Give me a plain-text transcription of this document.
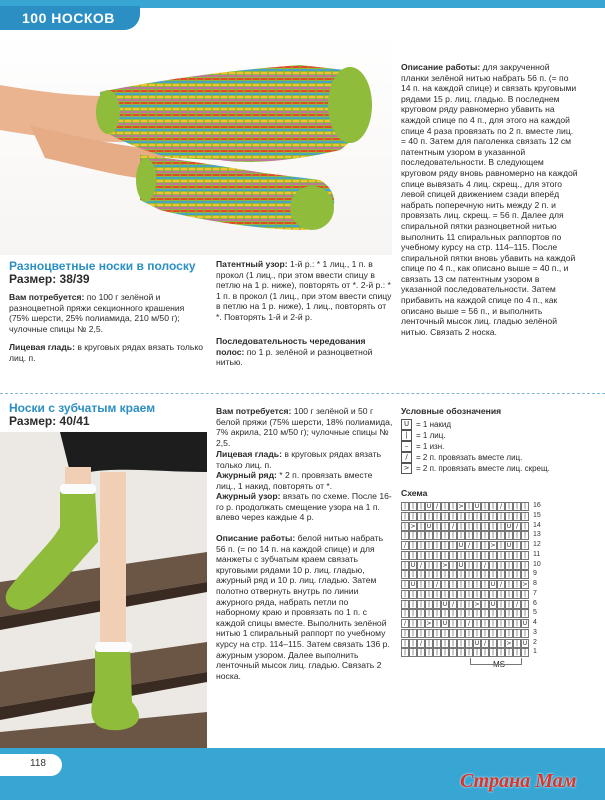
100 НОСКОВ
Разноцветные носки в полоску
Размер: 38/39
Вам потребуется: по 100 г зелёной и разноцветной пряжи секционного крашения (75% шерсти, 25% полиамида, 210 м/50 г); чулочные спицы № 2,5.
Лицевая гладь: в круговых рядах вязать только лиц. п.
Патентный узор: 1-й р.: * 1 лиц., 1 п. в прокол (1 лиц., при этом ввести спицу в петлю на 1 р. ниже), повторять от *. 2-й р.: * 1 п. в прокол (1 лиц., при этом ввести спицу в петлю на 1 р. ниже), 1 лиц., повторять от *. Повторять 1-й и 2-й р.
Последовательность чередования полос: по 1 р. зелёной и разноцветной нитью.
Описание работы: для закрученной планки зелёной нитью набрать 56 п. (= по 14 п. на каждой спице) и связать круговыми рядами 15 р. лиц. гладью. В последнем круговом ряду равномерно убавить на каждой спице по 4 п., для этого на каждой спице 4 раза провязать по 2 п. вместе лиц. = 40 п. Затем для паголенка связать 12 см патентным узором в указанной последовательности. В следующем круговом ряду вновь равномерно на каждой спице вывязать 4 лиц. скрещ., для этого левой спицей движением сзади вперёд набрать поперечную нить между 2 п. и провязать лиц. скрещ. = 56 п. Далее для спиральной пятки разноцветной нитью выполнить 11 спиральных раппортов по учебному курсу на стр. 114–115. После спиральной пятки вновь убавить на каждой спице по 4 п., как описано выше = 40 п., и связать 13 см патентным узором в указанной последовательности. Затем прибавить на каждой спице по 4 п., как описано выше = 56 п., и выполнить ленточный мысок лиц. гладью зелёной нитью. Связать 2 носка.
Носки с зубчатым краем
Размер: 40/41
Вам потребуется: 100 г зелёной и 50 г белой пряжи (75% шерсти, 18% полиамида, 7% акрила, 210 м/50 г); чулочные спицы № 2,5.
Лицевая гладь: в круговых рядах вязать только лиц. п.
Ажурный ряд: * 2 п. провязать вместе лиц., 1 накид, повторять от *.
Ажурный узор: вязать по схеме. После 16-го р. продолжать смещение узора на 1 п. влево через каждые 4 р.
Описание работы: белой нитью набрать 56 п. (= по 14 п. на каждой спице) и для манжеты с зубчатым краем связать круговыми рядами 10 р. лиц. гладью, ажурный ряд и 10 р. лиц. гладью. Затем полотно отвернуть внутрь по линии ажурного ряда, набрать петли по наборному краю и провязать по 1 п. с каждой спицы вместе. Выполнить зелёной нитью 1 спиральный раппорт по учебному курсу на стр. 114–115. Затем связать 136 р. ажурным узором. Далее выполнить ленточный мысок лиц. гладью. Связать 2 носка.
Условные обозначения
U = 1 накид
|	= 1 лиц.
– = 1 изн.
/	= 2 п. провязать вместе лиц.
> = 2 п. провязать вместе лиц. скрещ.
Схема
| | | U / | | > | U | | / | | | 16
| | | | | | | | | | | | | | | | 15
| > | U | | / | | | | | | U / | 14
| | | | | | | | | | | | | | | | 13
/ | | | | | | U / | | > | U | | 12
| | | | | | | | | | | | | | | | 11
| U / | | > | U | | / | | | | | 10
| | | | | | | | | | | | | | | | 9
| U | | / | | | | | | U / | | > 8
| | | | | | | | | | | | | | | | 7
| | | | | U / | | > | U | | / | 6
| | | | | | | | | | | | | | | | 5
/ | | > | U | | / | | | | | | U 4
| | | | | | | | | | | | | | | | 3
| | / | | | | | | U / | | > | U 2
| | | | | | | | | | | | | | | | 1
MS
118
Страна Мам
